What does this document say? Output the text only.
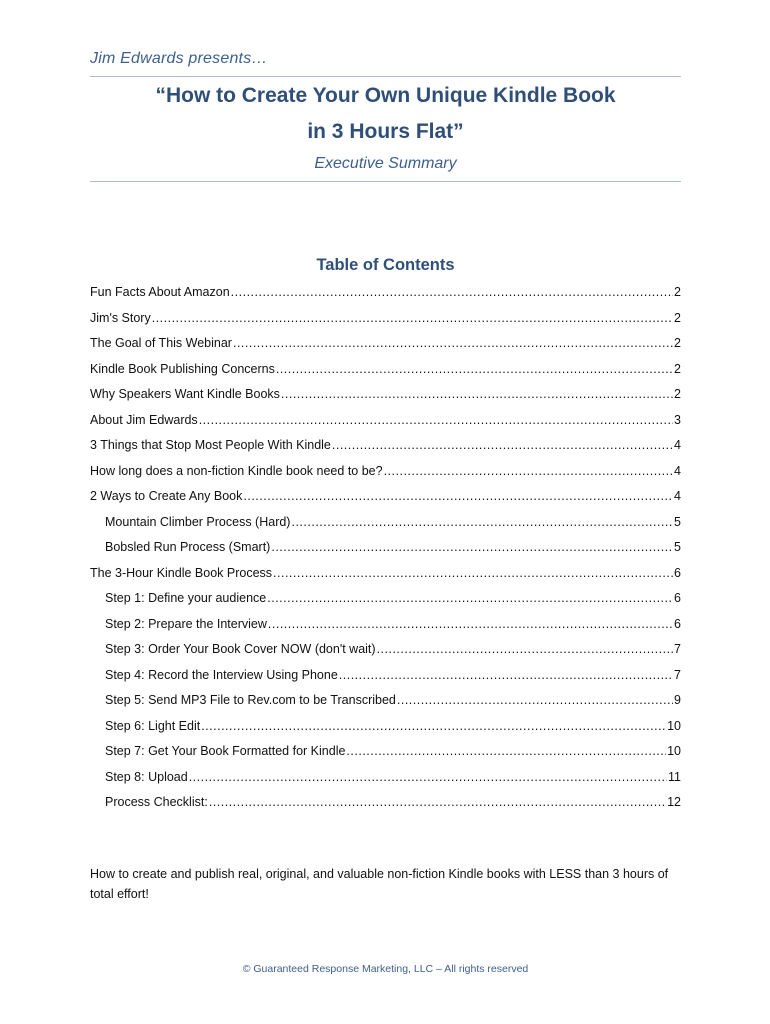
Jim Edwards presents…
“How to Create Your Own Unique Kindle Book
in 3 Hours Flat”
Executive Summary
Table of Contents
Fun Facts About Amazon .....	2
Jim's Story .....	2
The Goal of This Webinar .....	2
Kindle Book Publishing Concerns .....	2
Why Speakers Want Kindle Books .....	2
About Jim Edwards .....	3
3 Things that Stop Most People With Kindle .....	4
How long does a non-fiction Kindle book need to be? .....	4
2 Ways to Create Any Book .....	4
Mountain Climber Process (Hard) .....	5
Bobsled Run Process (Smart) .....	5
The 3-Hour Kindle Book Process .....	6
Step 1: Define your audience .....	6
Step 2: Prepare the Interview .....	6
Step 3: Order Your Book Cover NOW (don't wait) .....	7
Step 4: Record the Interview Using Phone .....	7
Step 5: Send MP3 File to Rev.com to be Transcribed .....	9
Step 6: Light Edit .....	10
Step 7: Get Your Book Formatted for Kindle .....	10
Step 8: Upload .....	11
Process Checklist: .....	12
How to create and publish real, original, and valuable non-fiction Kindle books with LESS than 3 hours of total effort!
© Guaranteed Response Marketing, LLC – All rights reserved
